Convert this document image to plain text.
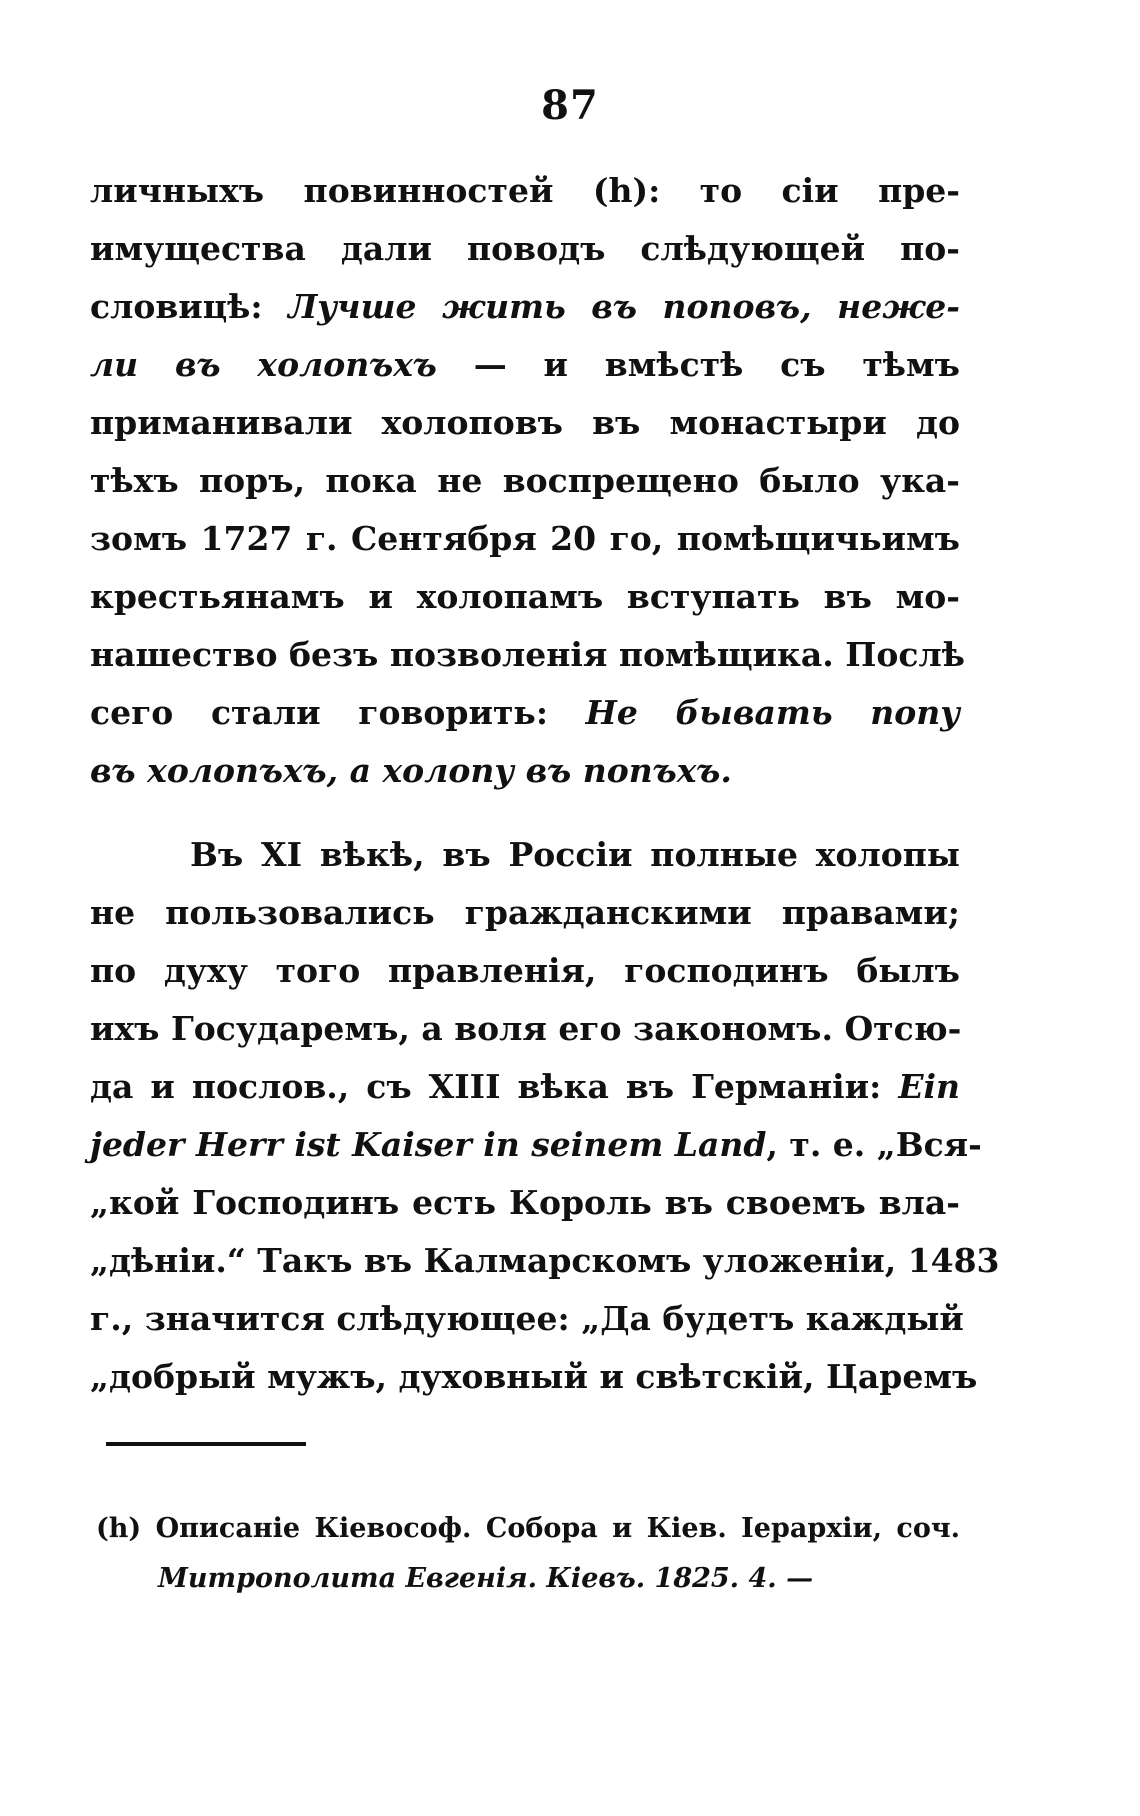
87
личныхъ повинностей (h): то сіи пре-
имущества дали поводъ слѣдующей по-
словицѣ: Лучше жить въ поповъ, неже-
ли въ холопъхъ — и вмѣстѣ съ тѣмъ
приманивали холоповъ въ монастыри до
тѣхъ поръ, пока не воспрещено было ука-
зомъ 1727 г. Сентября 20 го, помѣщичьимъ
крестьянамъ и холопамъ вступать въ мо-
нашество безъ позволенія помѣщика. Послѣ
сего стали говорить: Не бывать попу
въ холопъхъ, а холопу въ попъхъ.
Въ XI вѣкѣ, въ Россіи полные холопы
не пользовались гражданскими правами;
по духу того правленія, господинъ былъ
ихъ Государемъ, а воля его закономъ. Отсю-
да и послов., съ XIII вѣка въ Германіи: Ein
jeder Herr ist Kaiser in seinem Land, т. е. „Вся-
„кой Господинъ есть Король въ своемъ вла-
„дѣніи.“ Такъ въ Калмарскомъ уложеніи, 1483
г., значится слѣдующее: „Да будетъ каждый
„добрый мужъ, духовный и свѣтскій, Царемъ
(h) Описаніе Кіевософ. Собора и Кіев. Іерархіи, соч.
Митрополита Евгенія. Кіевъ. 1825. 4. —
